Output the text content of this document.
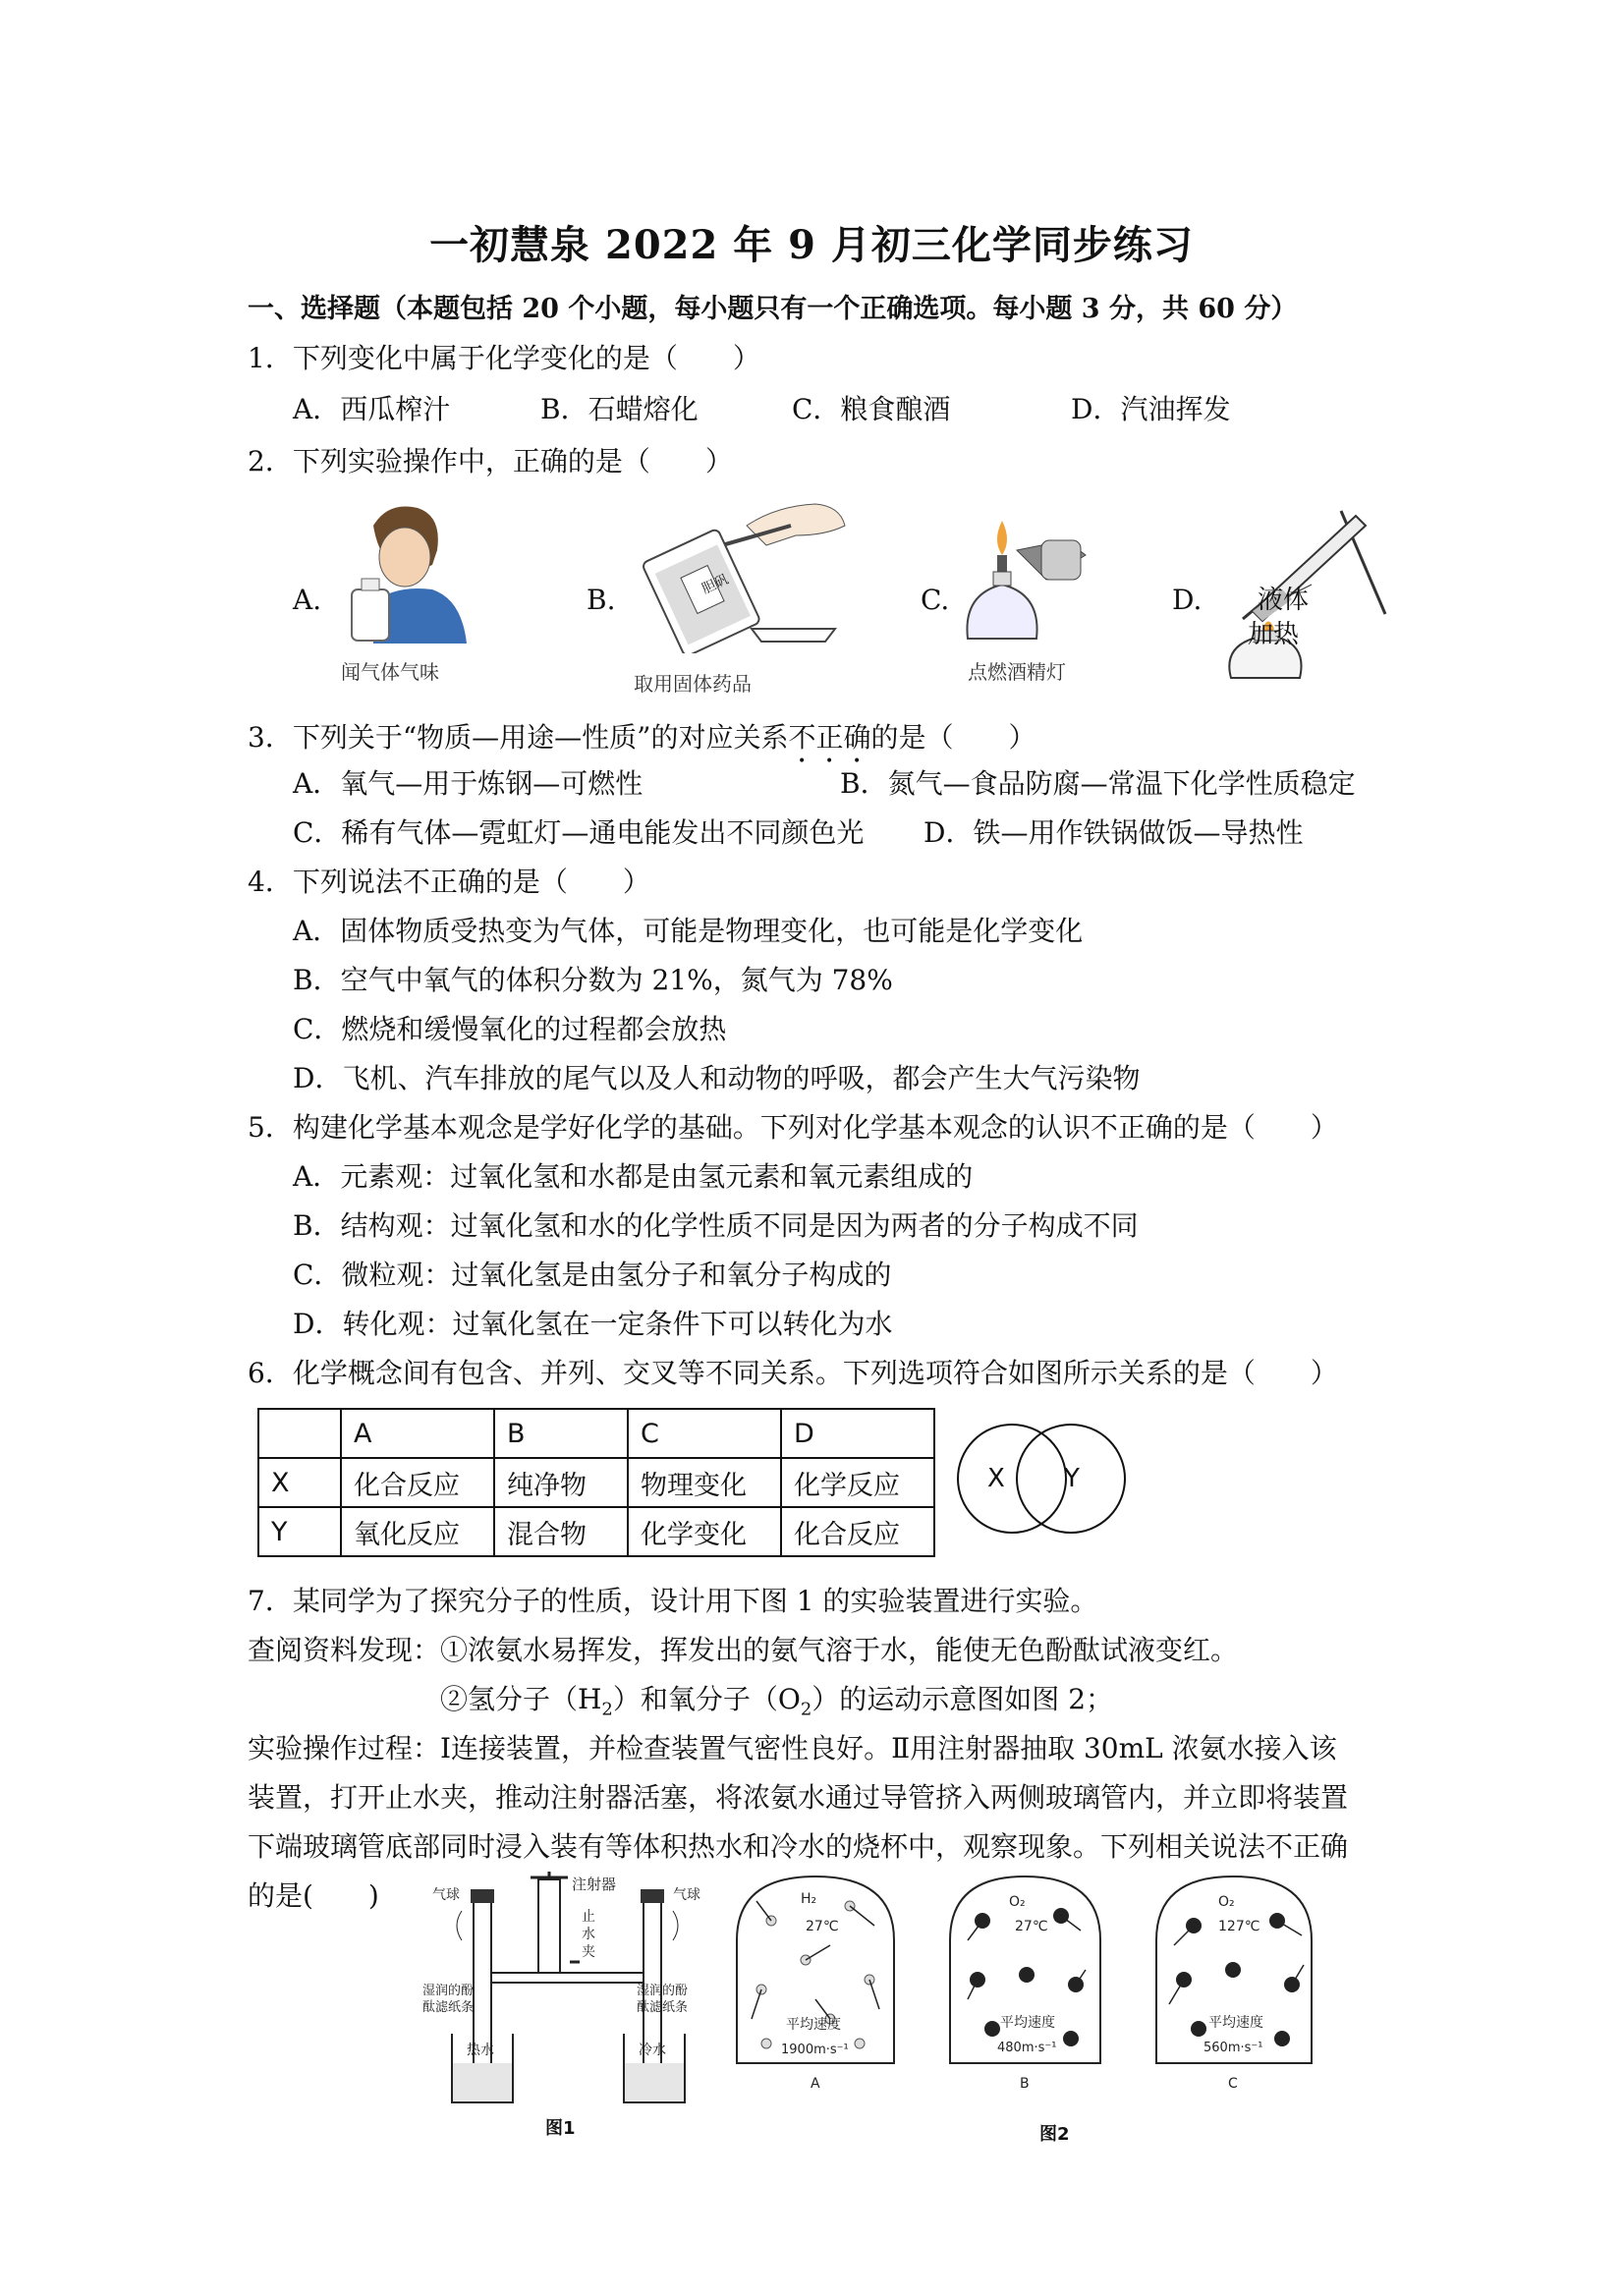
一初慧泉 2022 年 9 月初三化学同步练习
一、选择题（本题包括 20 个小题，每小题只有一个正确选项。每小题 3 分，共 60 分）
1．下列变化中属于化学变化的是（　　）
A．西瓜榨汁	B．石蜡熔化	C．粮食酿酒	D．汽油挥发
2．下列实验操作中，正确的是（　　）
A.	B.	C.	D.
闻气体气味
胆矾
取用固体药品	点燃酒精灯
液体
加热
3．下列关于“物质—用途—性质”的对应关系不正确的是（　　）
A．氧气—用于炼钢—可燃性	B．氮气—食品防腐—常温下化学性质稳定
C．稀有气体—霓虹灯—通电能发出不同颜色光 D．铁—用作铁锅做饭—导热性
4．下列说法不正确的是（　　）
A．固体物质受热变为气体，可能是物理变化，也可能是化学变化
B．空气中氧气的体积分数为 21%，氮气为 78%
C．燃烧和缓慢氧化的过程都会放热
D．飞机、汽车排放的尾气以及人和动物的呼吸，都会产生大气污染物
5．构建化学基本观念是学好化学的基础。下列对化学基本观念的认识不正确的是（　　）
A．元素观：过氧化氢和水都是由氢元素和氧元素组成的
B．结构观：过氧化氢和水的化学性质不同是因为两者的分子构成不同
C．微粒观：过氧化氢是由氢分子和氧分子构成的
D．转化观：过氧化氢在一定条件下可以转化为水
6．化学概念间有包含、并列、交叉等不同关系。下列选项符合如图所示关系的是（　　）
	A	B	C	D
X	化合反应	纯净物	物理变化	化学反应
Y	氧化反应	混合物	化学变化	化合反应
X Y
7．某同学为了探究分子的性质，设计用下图 1 的实验装置进行实验。
查阅资料发现：①浓氨水易挥发，挥发出的氨气溶于水，能使无色酚酞试液变红。
②氢分子$(H_2)$和氧分子$(O_2)$的运动示意图如图 2；
实验操作过程：Ⅰ连接装置，并检查装置气密性良好。Ⅱ用注射器抽取 30mL 浓氨水接入该
装置，打开止水夹，推动注射器活塞，将浓氨水通过导管挤入两侧玻璃管内，并立即将装置
下端玻璃管底部同时浸入装有等体积热水和冷水的烧杯中，观察现象。下列相关说法不正确
的是(　　)	注射器
止
水
夹
气球
湿润的酚
酞滤纸条
气球
湿润的酚
酞滤纸条
热水	冷水
图1
H₂
27℃
平均速度
1900m·s⁻¹
A
O₂
27℃
平均速度
480m·s⁻¹
B
O₂
127℃
平均速度
560m·s⁻¹
C
图2
